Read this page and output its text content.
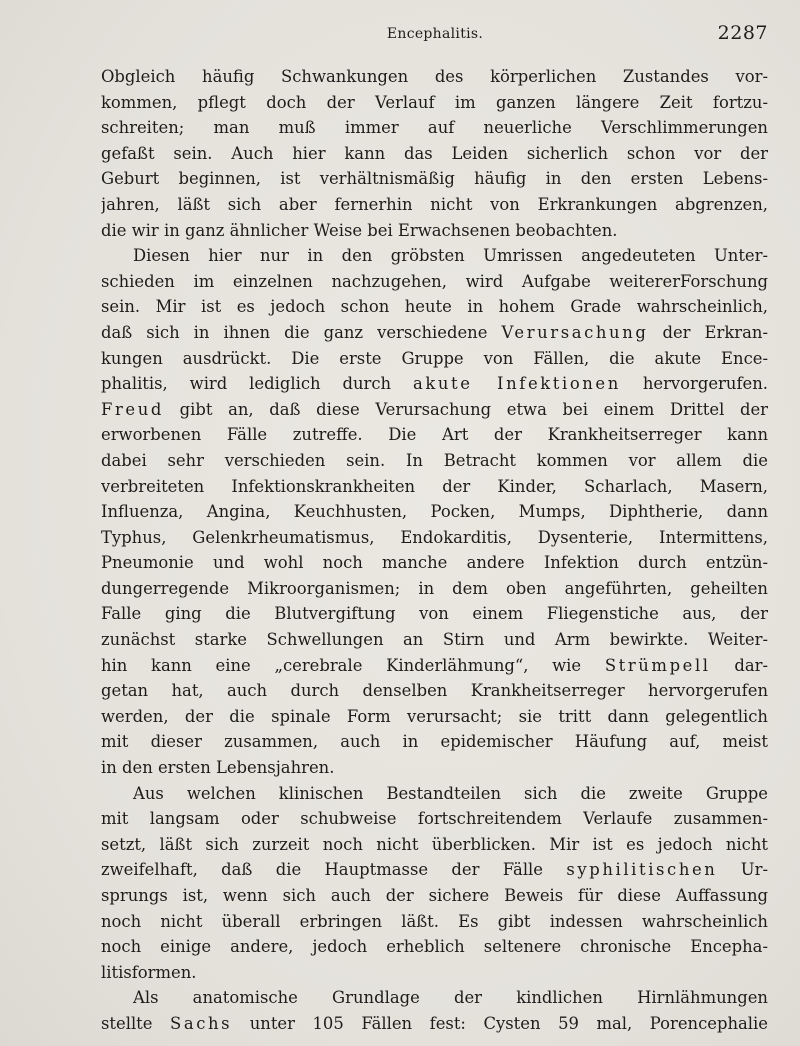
Encephalitis.	2287
Obgleich häufig Schwankungen des körperlichen Zustandes vor-
kommen, pflegt doch der Verlauf im ganzen längere Zeit fortzu-
schreiten; man muß immer auf neuerliche Verschlimmerungen
gefaßt sein. Auch hier kann das Leiden sicherlich schon vor der
Geburt beginnen, ist verhältnismäßig häufig in den ersten Lebens-
jahren, läßt sich aber fernerhin nicht von Erkrankungen abgrenzen,
die wir in ganz ähnlicher Weise bei Erwachsenen beobachten.
Diesen hier nur in den gröbsten Umrissen angedeuteten Unter-
schieden im einzelnen nachzugehen, wird Aufgabe weitererForschung
sein. Mir ist es jedoch schon heute in hohem Grade wahrscheinlich,
daß sich in ihnen die ganz verschiedene Verursachung der Erkran-
kungen ausdrückt. Die erste Gruppe von Fällen, die akute Ence-
phalitis, wird lediglich durch akute Infektionen hervorgerufen.
Freud gibt an, daß diese Verursachung etwa bei einem Drittel der
erworbenen Fälle zutreffe. Die Art der Krankheitserreger kann
dabei sehr verschieden sein. In Betracht kommen vor allem die
verbreiteten Infektionskrankheiten der Kinder, Scharlach, Masern,
Influenza, Angina, Keuchhusten, Pocken, Mumps, Diphtherie, dann
Typhus, Gelenkrheumatismus, Endokarditis, Dysenterie, Intermittens,
Pneumonie und wohl noch manche andere Infektion durch entzün-
dungerregende Mikroorganismen; in dem oben angeführten, geheilten
Falle ging die Blutvergiftung von einem Fliegenstiche aus, der
zunächst starke Schwellungen an Stirn und Arm bewirkte. Weiter-
hin kann eine „cerebrale Kinderlähmung“, wie Strümpell dar-
getan hat, auch durch denselben Krankheitserreger hervorgerufen
werden, der die spinale Form verursacht; sie tritt dann gelegentlich
mit dieser zusammen, auch in epidemischer Häufung auf, meist
in den ersten Lebensjahren.
Aus welchen klinischen Bestandteilen sich die zweite Gruppe
mit langsam oder schubweise fortschreitendem Verlaufe zusammen-
setzt, läßt sich zurzeit noch nicht überblicken. Mir ist es jedoch nicht
zweifelhaft, daß die Hauptmasse der Fälle syphilitischen Ur-
sprungs ist, wenn sich auch der sichere Beweis für diese Auffassung
noch nicht überall erbringen läßt. Es gibt indessen wahrscheinlich
noch einige andere, jedoch erheblich seltenere chronische Encepha-
litisformen.
Als anatomische Grundlage der kindlichen Hirnlähmungen
stellte Sachs unter 105 Fällen fest: Cysten 59 mal, Porencephalie
